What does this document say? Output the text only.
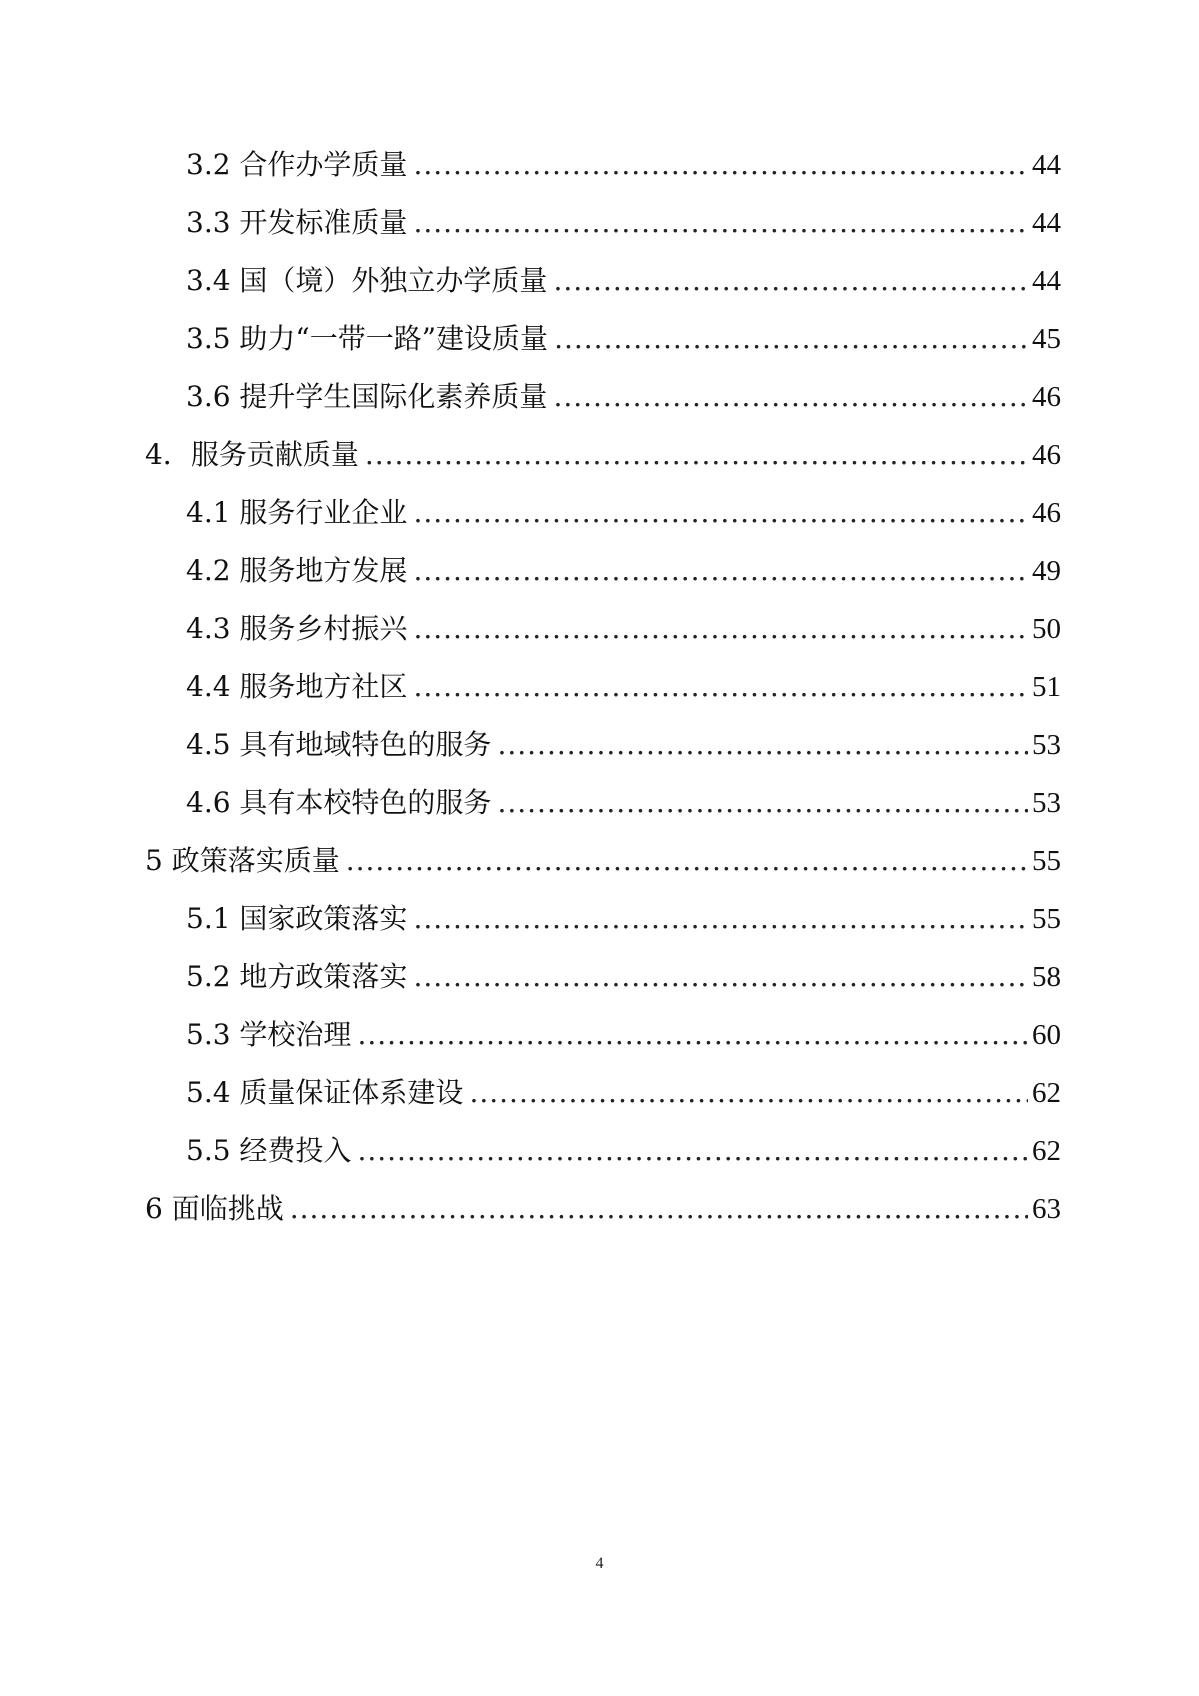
3.2 合作办学质量 .....	44
3.3 开发标准质量 .....	44
3.4 国（境）外独立办学质量 .....	44
3.5 助力“一带一路”建设质量 .....	45
3.6 提升学生国际化素养质量 .....	46
4．服务贡献质量 .....	46
4.1 服务行业企业 .....	46
4.2 服务地方发展 .....	49
4.3 服务乡村振兴 .....	50
4.4 服务地方社区 .....	51
4.5 具有地域特色的服务 .....	53
4.6 具有本校特色的服务 .....	53
5 政策落实质量 .....	55
5.1 国家政策落实 .....	55
5.2 地方政策落实 .....	58
5.3 学校治理 .....	60
5.4 质量保证体系建设 .....	62
5.5 经费投入 .....	62
6 面临挑战 .....	63
4
